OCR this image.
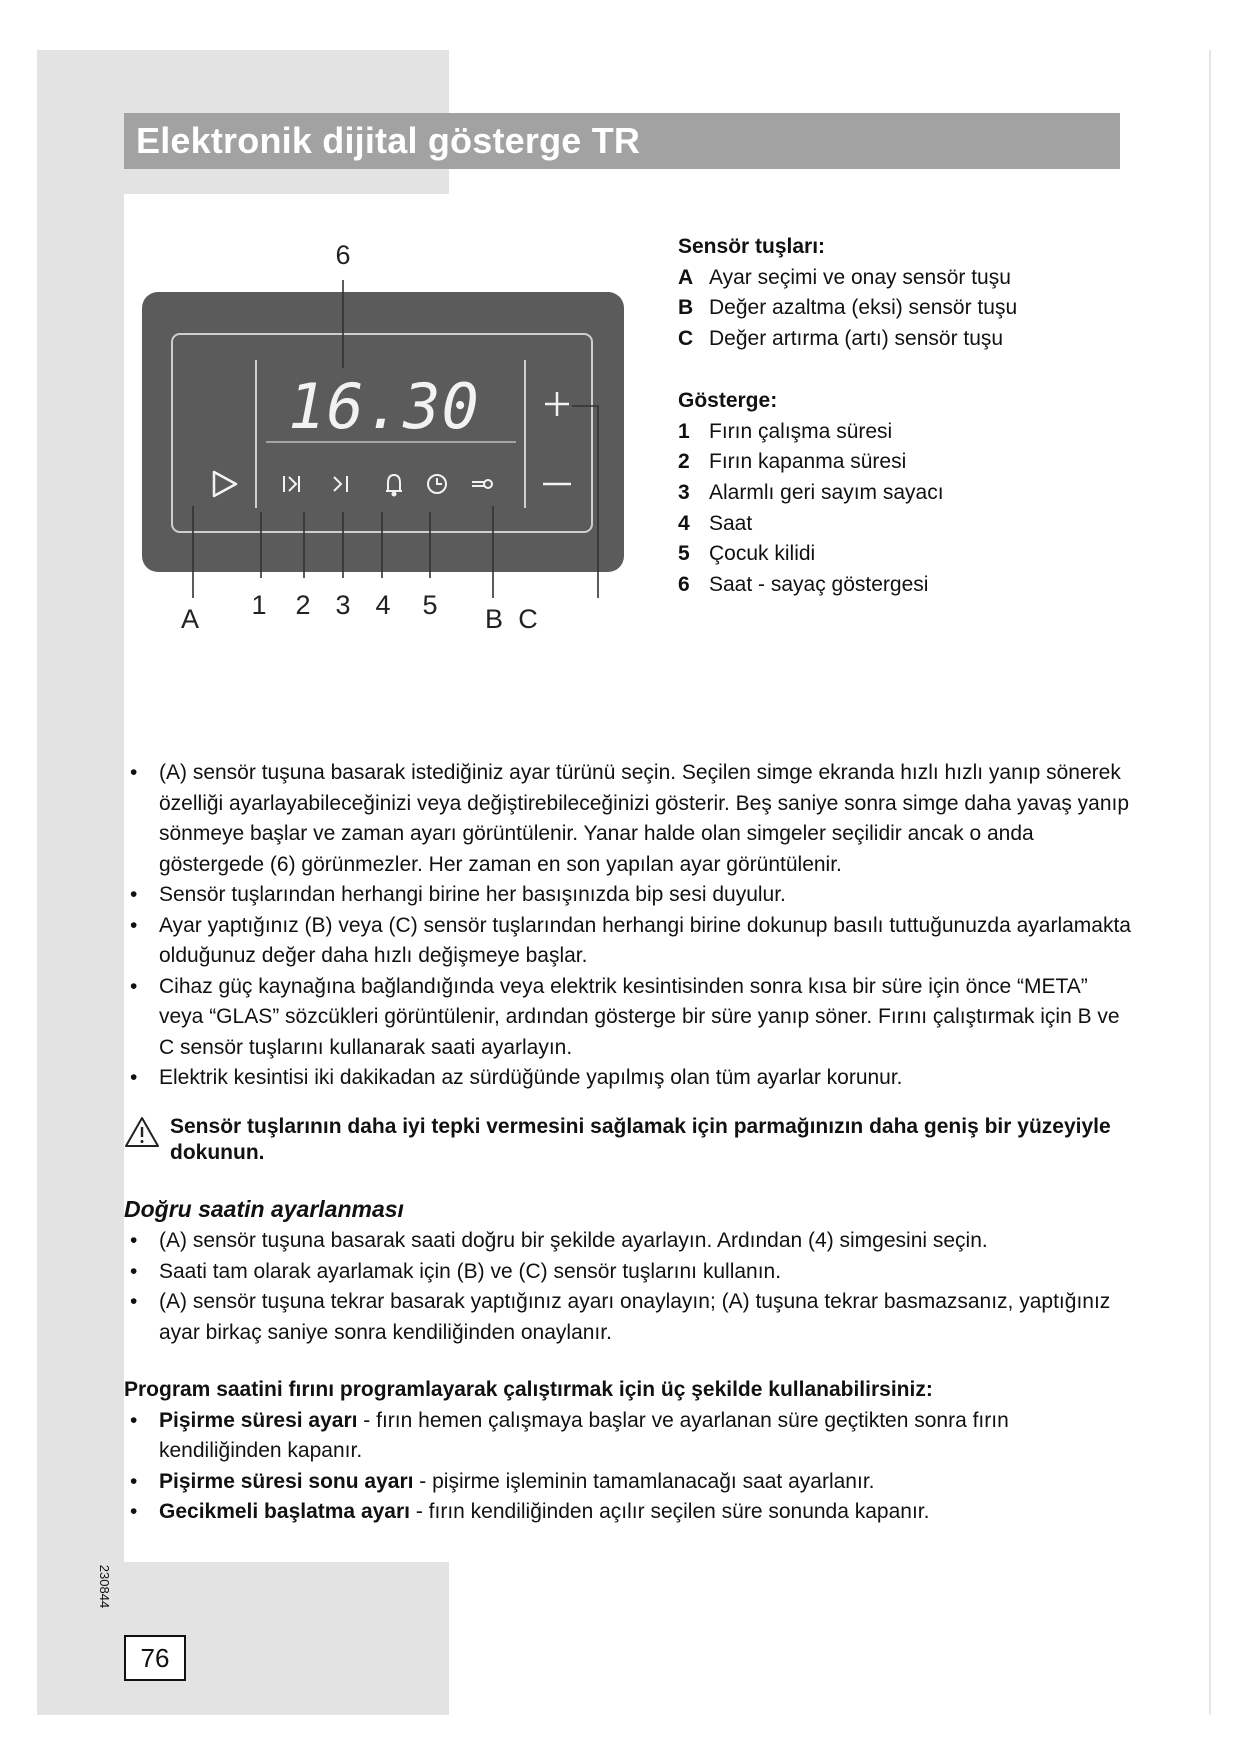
Elektronik dijital gösterge TR
16.30
6
A 1 2 3 4 5 B C
Sensör tuşları:
A Ayar seçimi ve onay sensör tuşu
B Değer azaltma (eksi) sensör tuşu
C Değer artırma (artı) sensör tuşu
Gösterge:
1 Fırın çalışma süresi
2 Fırın kapanma süresi
3 Alarmlı geri sayım sayacı
4 Saat
5 Çocuk kilidi
6 Saat - sayaç göstergesi
• (A) sensör tuşuna basarak istediğiniz ayar türünü seçin. Seçilen simge ekranda hızlı hızlı yanıp sönerek özelliği ayarlayabileceğinizi veya değiştirebileceğinizi gösterir. Beş saniye sonra simge daha yavaş yanıp sönmeye başlar ve zaman ayarı görüntülenir. Yanar halde olan simgeler seçilidir ancak o anda göstergede (6) görünmezler. Her zaman en son yapılan ayar görüntülenir.
• Sensör tuşlarından herhangi birine her basışınızda bip sesi duyulur.
• Ayar yaptığınız (B) veya (C) sensör tuşlarından herhangi birine dokunup basılı tuttuğunuzda ayarlamakta olduğunuz değer daha hızlı değişmeye başlar.
• Cihaz güç kaynağına bağlandığında veya elektrik kesintisinden sonra kısa bir süre için önce “META” veya “GLAS” sözcükleri görüntülenir, ardından gösterge bir süre yanıp söner. Fırını çalıştırmak için B ve C sensör tuşlarını kullanarak saati ayarlayın.
• Elektrik kesintisi iki dakikadan az sürdüğünde yapılmış olan tüm ayarlar korunur.
Sensör tuşlarının daha iyi tepki vermesini sağlamak için parmağınızın daha geniş bir yüzeyiyle dokunun.
Doğru saatin ayarlanması
• (A) sensör tuşuna basarak saati doğru bir şekilde ayarlayın. Ardından (4) simgesini seçin.
• Saati tam olarak ayarlamak için (B) ve (C) sensör tuşlarını kullanın.
• (A) sensör tuşuna tekrar basarak yaptığınız ayarı onaylayın; (A) tuşuna tekrar basmazsanız, yaptığınız ayar birkaç saniye sonra kendiliğinden onaylanır.
Program saatini fırını programlayarak çalıştırmak için üç şekilde kullanabilirsiniz:
• Pişirme süresi ayarı - fırın hemen çalışmaya başlar ve ayarlanan süre geçtikten sonra fırın kendiliğinden kapanır.
• Pişirme süresi sonu ayarı - pişirme işleminin tamamlanacağı saat ayarlanır.
• Gecikmeli başlatma ayarı - fırın kendiliğinden açılır seçilen süre sonunda kapanır.
230844
76
